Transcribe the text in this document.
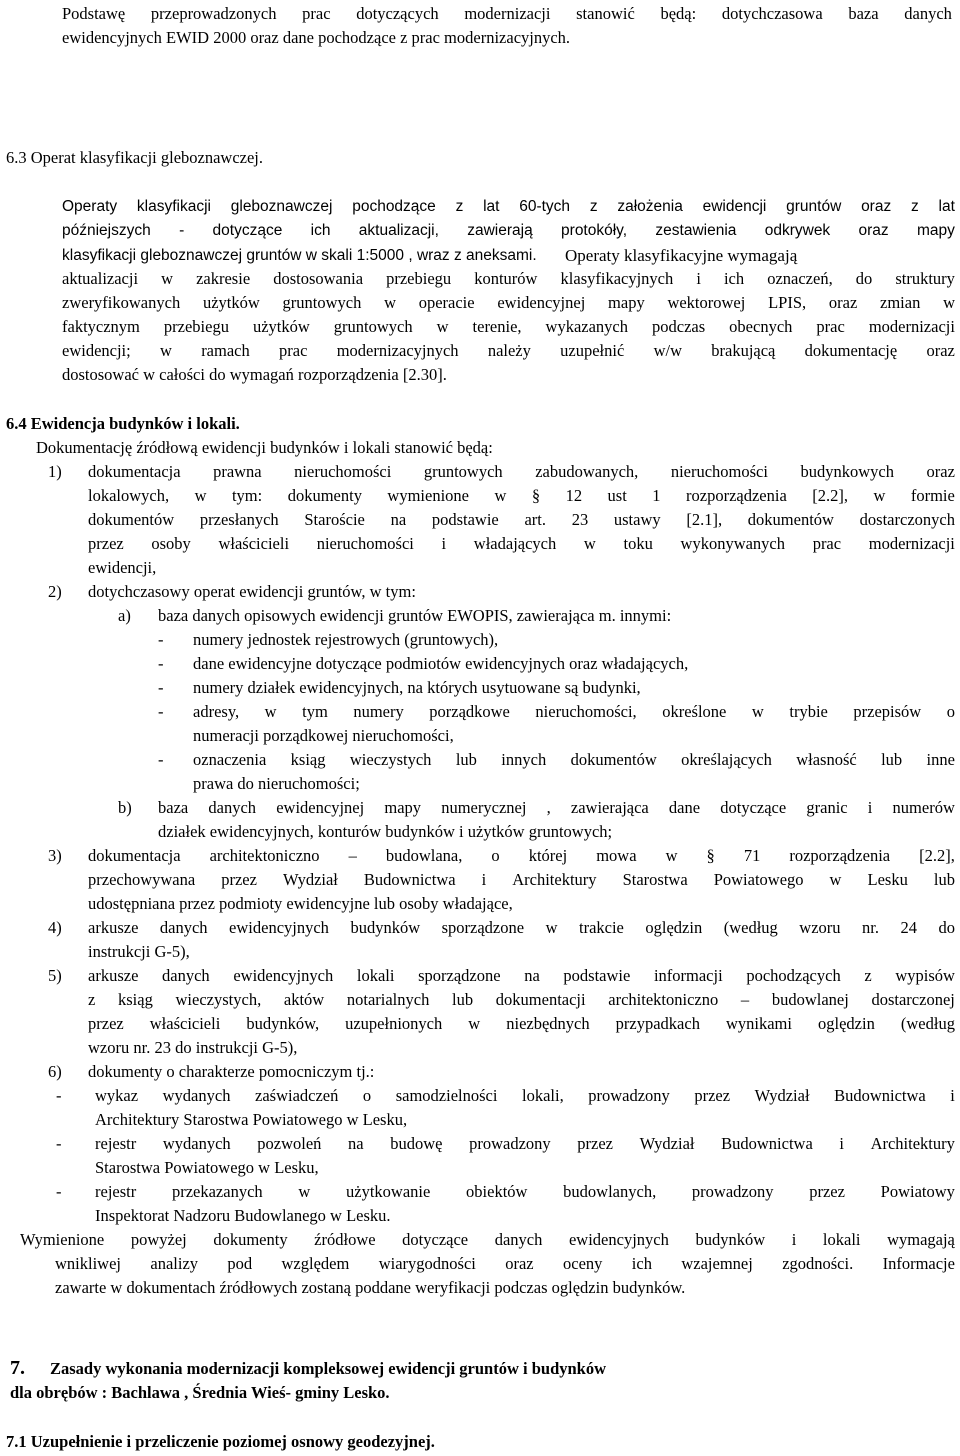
Podstawę przeprowadzonych prac dotyczących modernizacji stanowić będą: dotychczasowa baza danych
ewidencyjnych EWID 2000 oraz dane pochodzące z prac modernizacyjnych.
6.3 Operat klasyfikacji gleboznawczej.
Operaty klasyfikacji gleboznawczej pochodzące z lat 60-tych z założenia ewidencji gruntów oraz z lat
późniejszych - dotyczące ich aktualizacji, zawierają protokóły, zestawienia odkrywek oraz mapy
klasyfikacji gleboznawczej gruntów w skali 1:5000 , wraz z aneksami. Operaty klasyfikacyjne wymagają
aktualizacji w zakresie dostosowania przebiegu konturów klasyfikacyjnych i ich oznaczeń, do struktury
zweryfikowanych użytków gruntowych w operacie ewidencyjnej mapy wektorowej LPIS, oraz zmian w
faktycznym przebiegu użytków gruntowych w terenie, wykazanych podczas obecnych prac modernizacji
ewidencji; w ramach prac modernizacyjnych należy uzupełnić w/w brakującą dokumentację oraz
dostosować w całości do wymagań rozporządzenia [2.30].
6.4 Ewidencja budynków i lokali.
Dokumentację źródłową ewidencji budynków i lokali stanowić będą:
1) dokumentacja prawna nieruchomości gruntowych zabudowanych, nieruchomości budynkowych oraz
lokalowych, w tym: dokumenty wymienione w § 12 ust 1 rozporządzenia [2.2], w formie
dokumentów przesłanych Staroście na podstawie art. 23 ustawy [2.1], dokumentów dostarczonych
przez osoby właścicieli nieruchomości i władających w toku wykonywanych prac modernizacji
ewidencji,
2) dotychczasowy operat ewidencji gruntów, w tym:
a) baza danych opisowych ewidencji gruntów EWOPIS, zawierająca m. innymi:
- numery jednostek rejestrowych (gruntowych),
- dane ewidencyjne dotyczące podmiotów ewidencyjnych oraz władających,
- numery działek ewidencyjnych, na których usytuowane są budynki,
- adresy, w tym numery porządkowe nieruchomości, określone w trybie przepisów o
numeracji porządkowej nieruchomości,
- oznaczenia ksiąg wieczystych lub innych dokumentów określających własność lub inne
prawa do nieruchomości;
b) baza danych ewidencyjnej mapy numerycznej , zawierająca dane dotyczące granic i numerów
działek ewidencyjnych, konturów budynków i użytków gruntowych;
3) dokumentacja architektoniczno – budowlana, o której mowa w § 71 rozporządzenia [2.2],
przechowywana przez Wydział Budownictwa i Architektury Starostwa Powiatowego w Lesku lub
udostępniana przez podmioty ewidencyjne lub osoby władające,
4) arkusze danych ewidencyjnych budynków sporządzone w trakcie oględzin (według wzoru nr. 24 do
instrukcji G-5),
5) arkusze danych ewidencyjnych lokali sporządzone na podstawie informacji pochodzących z wypisów
z ksiąg wieczystych, aktów notarialnych lub dokumentacji architektoniczno – budowlanej dostarczonej
przez właścicieli budynków, uzupełnionych w niezbędnych przypadkach wynikami oględzin (według
wzoru nr. 23 do instrukcji G-5),
6) dokumenty o charakterze pomocniczym tj.:
- wykaz wydanych zaświadczeń o samodzielności lokali, prowadzony przez Wydział Budownictwa i
Architektury Starostwa Powiatowego w Lesku,
- rejestr wydanych pozwoleń na budowę prowadzony przez Wydział Budownictwa i Architektury
Starostwa Powiatowego w Lesku,
- rejestr przekazanych w użytkowanie obiektów budowlanych, prowadzony przez Powiatowy
Inspektorat Nadzoru Budowlanego w Lesku.
Wymienione powyżej dokumenty źródłowe dotyczące danych ewidencyjnych budynków i lokali wymagają
wnikliwej analizy pod względem wiarygodności oraz oceny ich wzajemnej zgodności. Informacje
zawarte w dokumentach źródłowych zostaną poddane weryfikacji podczas oględzin budynków.
7. Zasady wykonania modernizacji kompleksowej ewidencji gruntów i budynków
dla obrębów : Bachlawa , Średnia Wieś- gminy Lesko.
7.1 Uzupełnienie i przeliczenie poziomej osnowy geodezyjnej.
